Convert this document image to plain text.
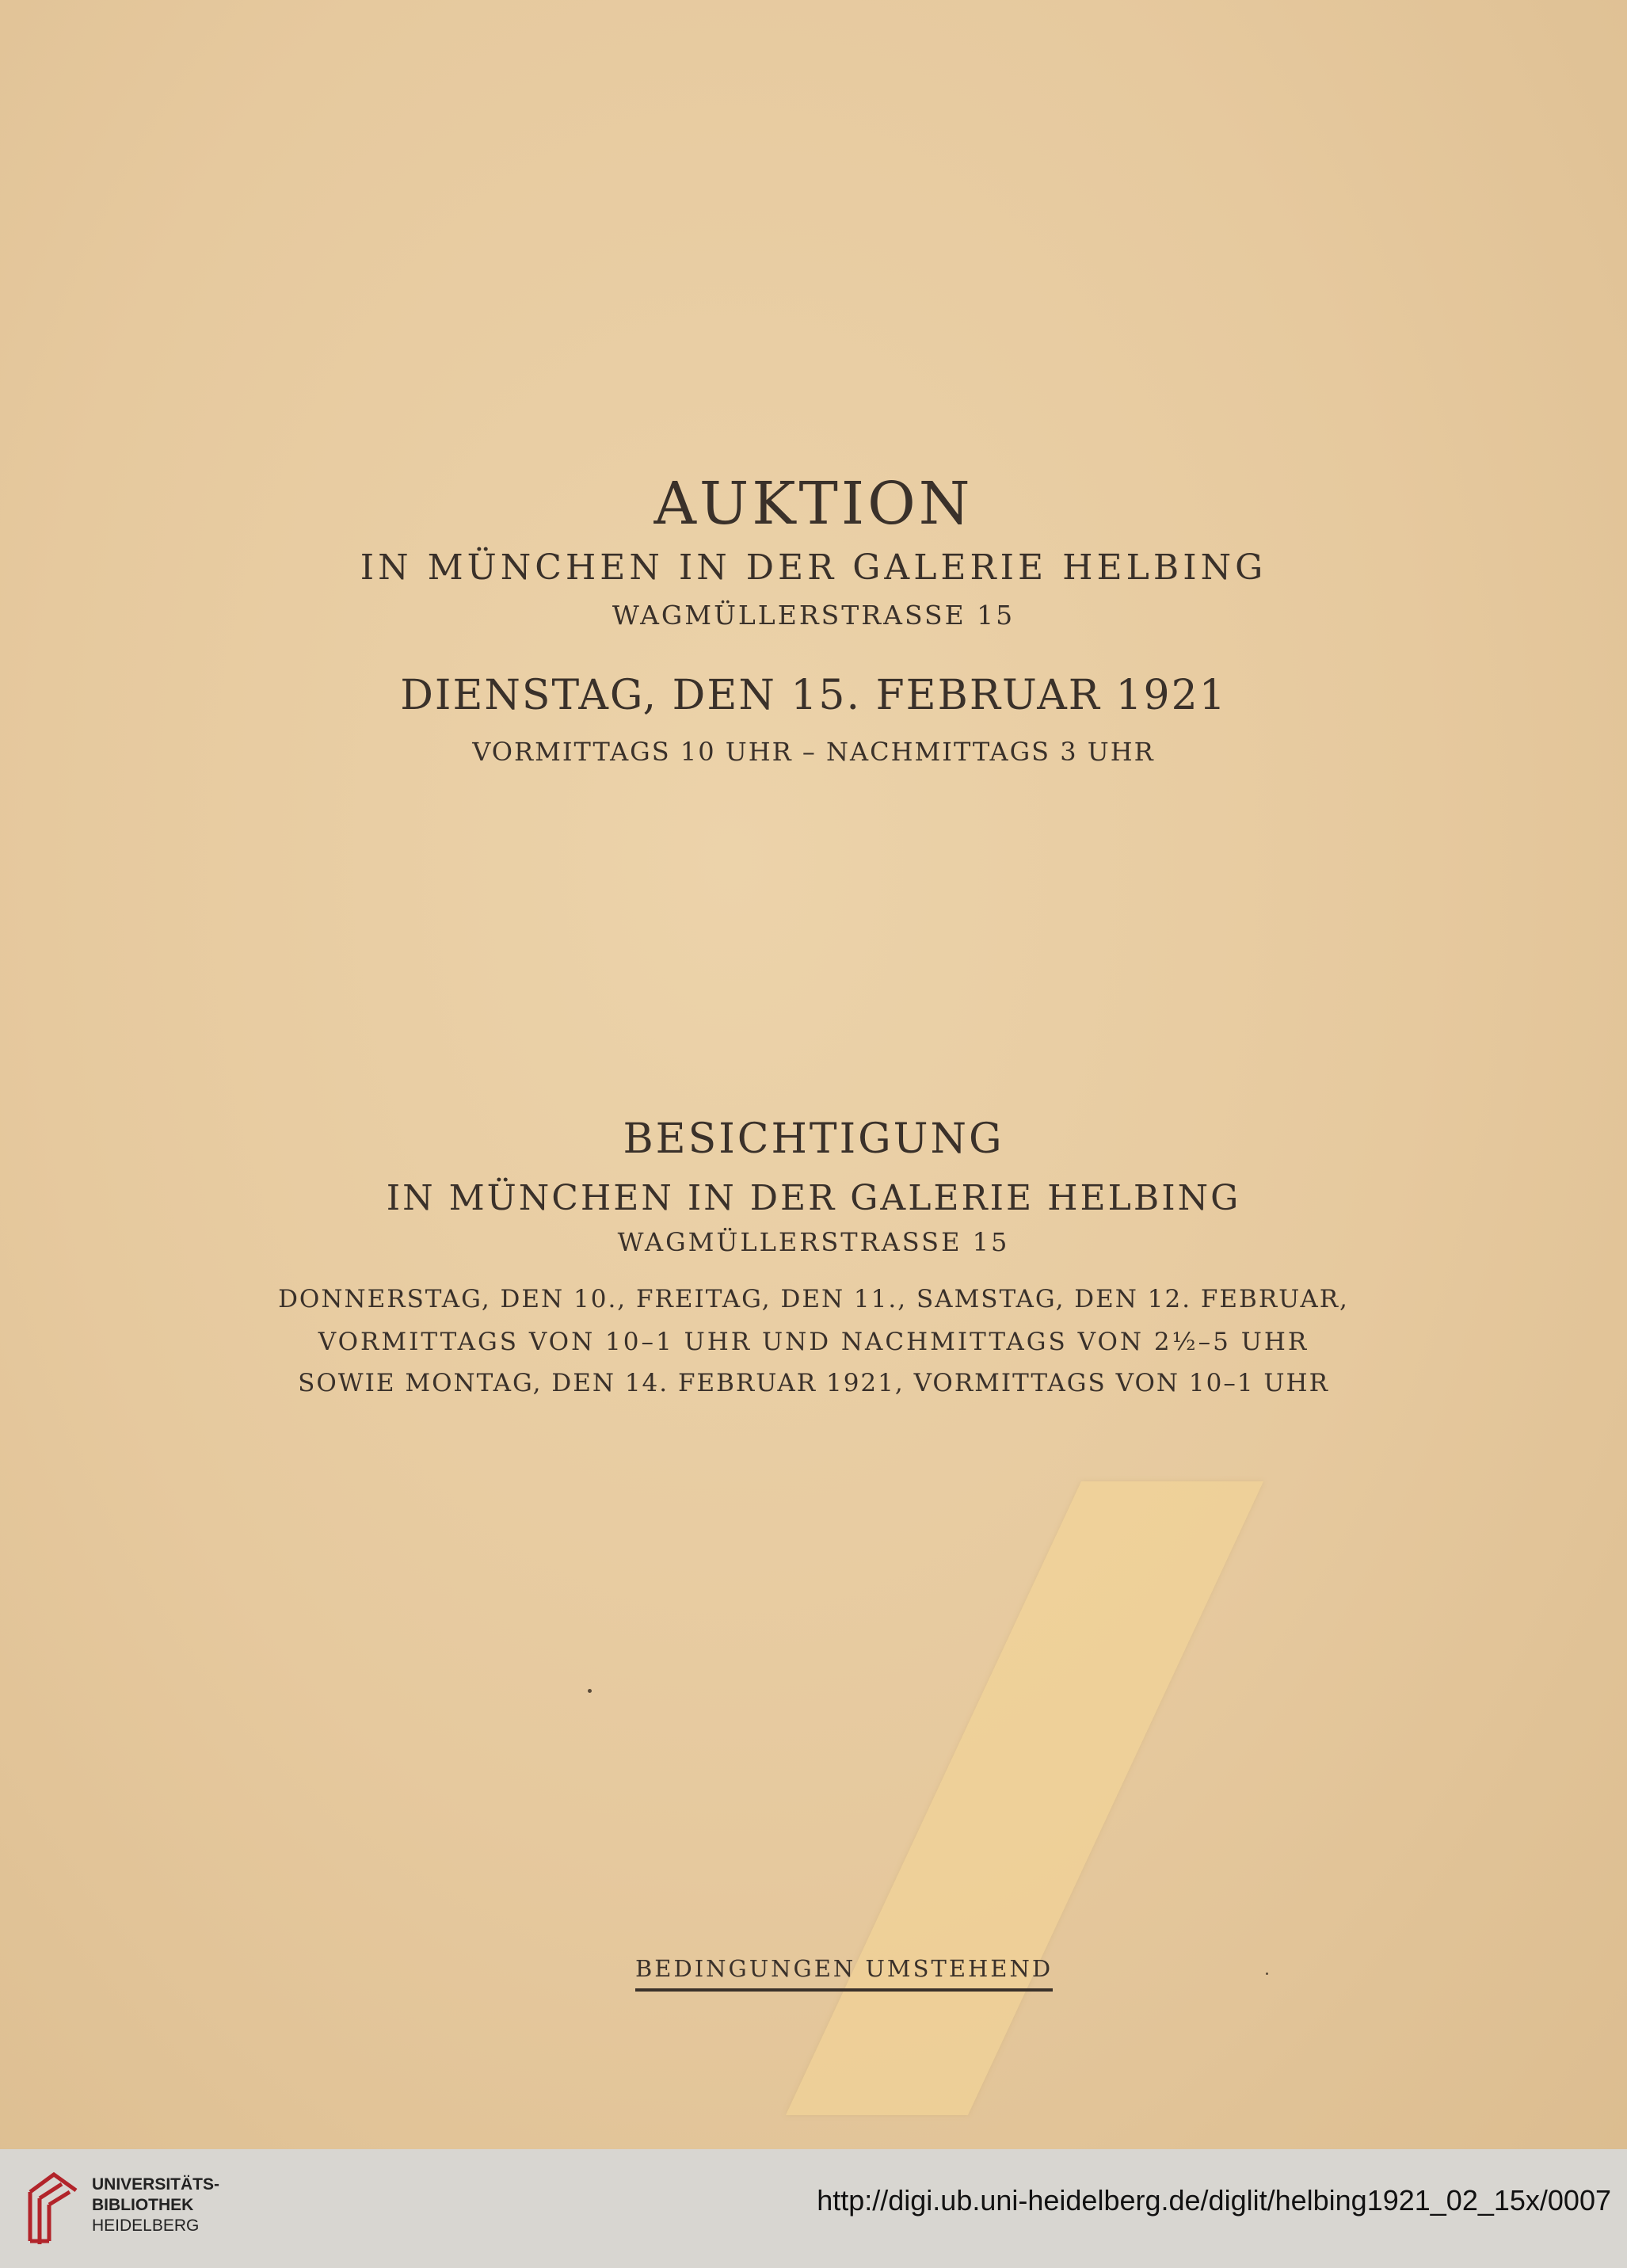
AUKTION
IN MÜNCHEN IN DER GALERIE HELBING
WAGMÜLLERSTRASSE 15
DIENSTAG, DEN 15. FEBRUAR 1921
VORMITTAGS 10 UHR – NACHMITTAGS 3 UHR
BESICHTIGUNG
IN MÜNCHEN IN DER GALERIE HELBING
WAGMÜLLERSTRASSE 15
DONNERSTAG, DEN 10., FREITAG, DEN 11., SAMSTAG, DEN 12. FEBRUAR,
VORMITTAGS VON 10–1 UHR UND NACHMITTAGS VON 2½–5 UHR
SOWIE MONTAG, DEN 14. FEBRUAR 1921, VORMITTAGS VON 10–1 UHR
BEDINGUNGEN UMSTEHEND
UNIVERSITÄTS-
BIBLIOTHEK
HEIDELBERG
http://digi.ub.uni-heidelberg.de/diglit/helbing1921_02_15x/0007
